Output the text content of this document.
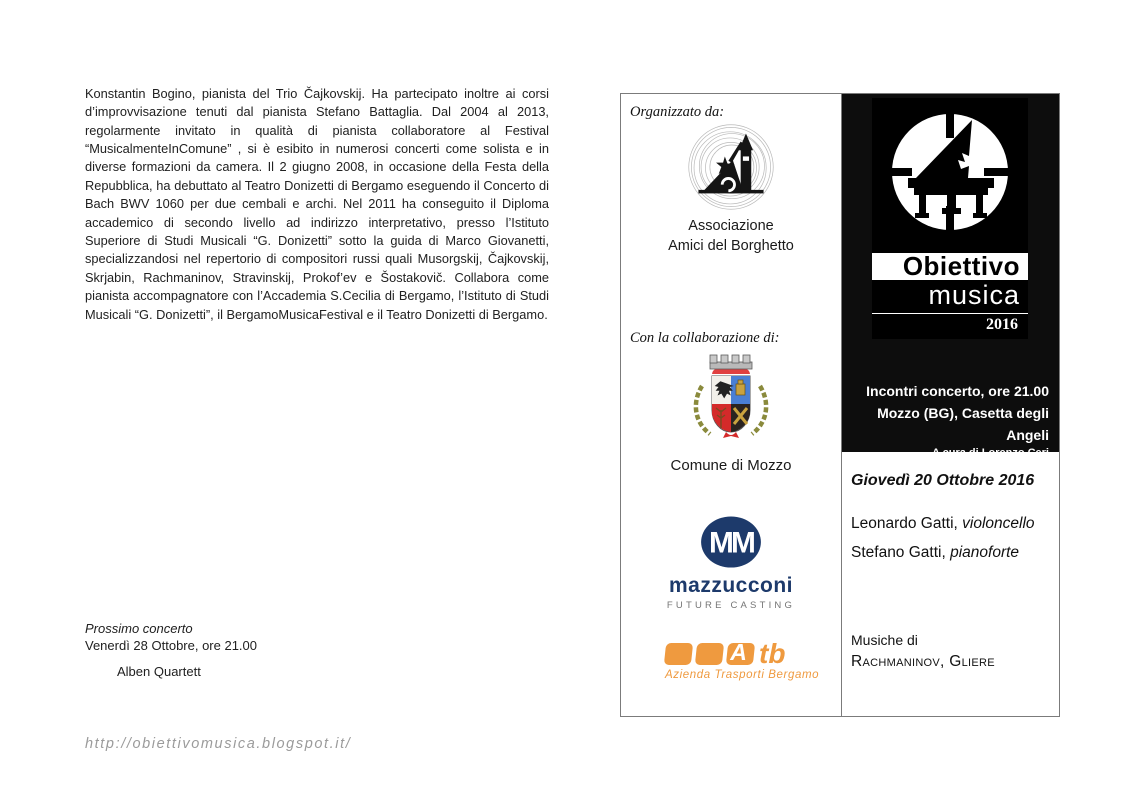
Konstantin Bogino, pianista del Trio Čajkovskij. Ha partecipato inoltre ai corsi d’improvvisazione tenuti dal pianista Stefano Battaglia. Dal 2004 al 2013, regolarmente invitato in qualità di pianista collaboratore al Festival “MusicalmenteInComune” , si è esibito in numerosi concerti come solista e in diverse formazioni da camera. Il 2 giugno 2008, in occasione della Festa della Repubblica, ha debuttato al Teatro Donizetti di Bergamo eseguendo il Concerto di Bach BWV 1060 per due cembali e archi. Nel 2011 ha conseguito il Diploma accademico di secondo livello ad indirizzo interpretativo, presso l’Istituto Superiore di Studi Musicali “G. Donizetti” sotto la guida di Marco Giovanetti, specializzandosi nel repertorio di compositori russi quali Musorgskij, Čajkovskij, Skrjabin, Rachmaninov, Stravinskij, Prokof’ev e Šostakovič. Collabora come pianista accompagnatore con l’Accademia S.Cecilia di Bergamo, l’Istituto di Studi Musicali “G. Donizetti”, il BergamoMusicaFestival e il Teatro Donizetti di Bergamo.

Prossimo concerto
Venerdì 28 Ottobre, ore 21.00
Alben Quartett
http://obiettivomusica.blogspot.it/
Organizzato da:
Associazione
Amici del Borghetto
Con la collaborazione di:
Comune di Mozzo
MM
mazzucconi
FUTURE CASTING
A tb
Azienda Trasporti Bergamo
Obiettivo
musica
2016
Incontri concerto, ore 21.00
Mozzo (BG), Casetta degli Angeli
A cura di Lorenzo Ceri
Giovedì 20 Ottobre 2016
Leonardo Gatti, violoncello
Stefano Gatti, pianoforte
Musiche di
Rachmaninov, Gliere
